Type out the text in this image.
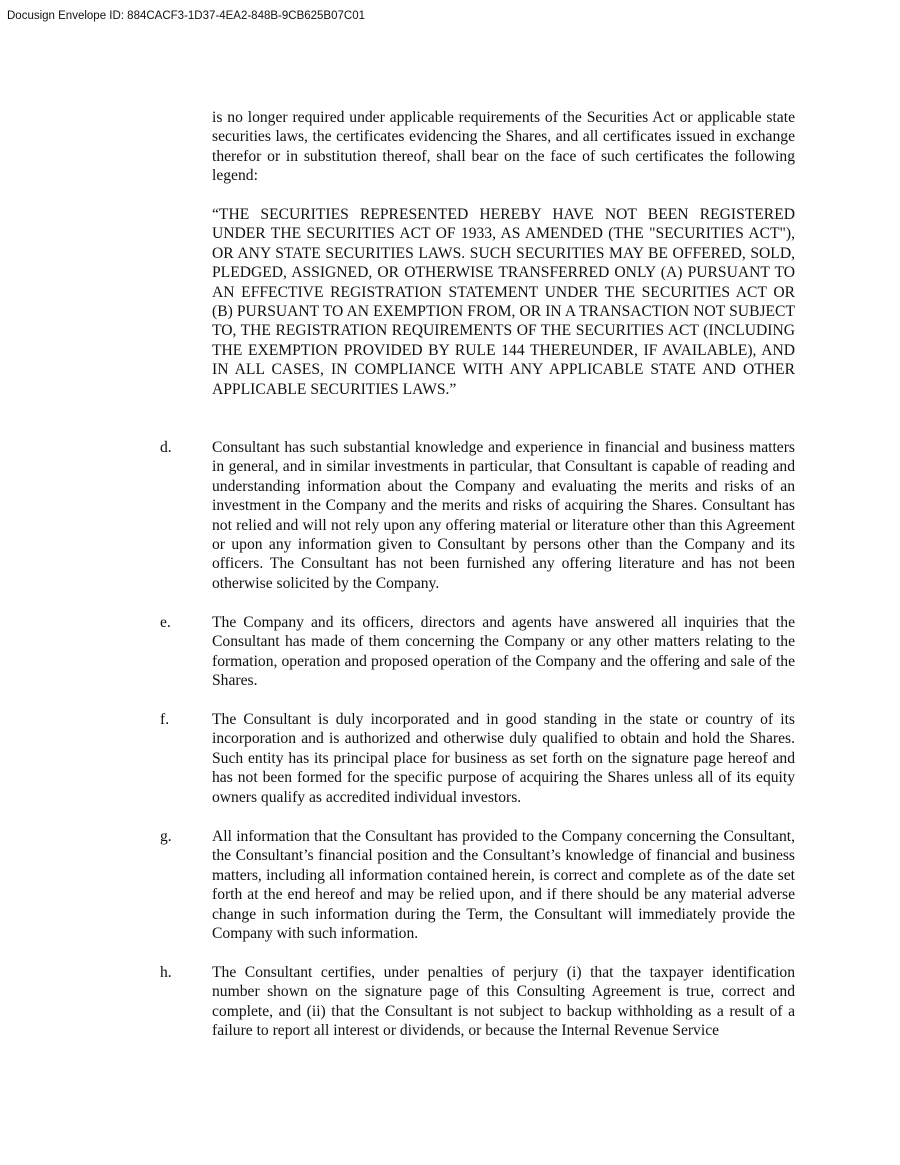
Docusign Envelope ID: 884CACF3-1D37-4EA2-848B-9CB625B07C01

is no longer required under applicable requirements of the Securities Act or applicable state securities laws, the certificates evidencing the Shares, and all certificates issued in exchange therefor or in substitution thereof, shall bear on the face of such certificates the following legend:

“THE SECURITIES REPRESENTED HEREBY HAVE NOT BEEN REGISTERED UNDER THE SECURITIES ACT OF 1933, AS AMENDED (THE "SECURITIES ACT"), OR ANY STATE SECURITIES LAWS. SUCH SECURITIES MAY BE OFFERED, SOLD, PLEDGED, ASSIGNED, OR OTHERWISE TRANSFERRED ONLY (A) PURSUANT TO AN EFFECTIVE REGISTRATION STATEMENT UNDER THE SECURITIES ACT OR (B) PURSUANT TO AN EXEMPTION FROM, OR IN A TRANSACTION NOT SUBJECT TO, THE REGISTRATION REQUIREMENTS OF THE SECURITIES ACT (INCLUDING THE EXEMPTION PROVIDED BY RULE 144 THEREUNDER, IF AVAILABLE), AND IN ALL CASES, IN COMPLIANCE WITH ANY APPLICABLE STATE AND OTHER APPLICABLE SECURITIES LAWS.”

d.	Consultant has such substantial knowledge and experience in financial and business matters in general, and in similar investments in particular, that Consultant is capable of reading and understanding information about the Company and evaluating the merits and risks of an investment in the Company and the merits and risks of acquiring the Shares. Consultant has not relied and will not rely upon any offering material or literature other than this Agreement or upon any information given to Consultant by persons other than the Company and its officers. The Consultant has not been furnished any offering literature and has not been otherwise solicited by the Company.

e.	The Company and its officers, directors and agents have answered all inquiries that the Consultant has made of them concerning the Company or any other matters relating to the formation, operation and proposed operation of the Company and the offering and sale of the Shares.

f.	The Consultant is duly incorporated and in good standing in the state or country of its incorporation and is authorized and otherwise duly qualified to obtain and hold the Shares. Such entity has its principal place for business as set forth on the signature page hereof and has not been formed for the specific purpose of acquiring the Shares unless all of its equity owners qualify as accredited individual investors.

g.	All information that the Consultant has provided to the Company concerning the Consultant, the Consultant’s financial position and the Consultant’s knowledge of financial and business matters, including all information contained herein, is correct and complete as of the date set forth at the end hereof and may be relied upon, and if there should be any material adverse change in such information during the Term, the Consultant will immediately provide the Company with such information.

h.	The Consultant certifies, under penalties of perjury (i) that the taxpayer identification number shown on the signature page of this Consulting Agreement is true, correct and complete, and (ii) that the Consultant is not subject to backup withholding as a result of a failure to report all interest or dividends, or because the Internal Revenue Service
